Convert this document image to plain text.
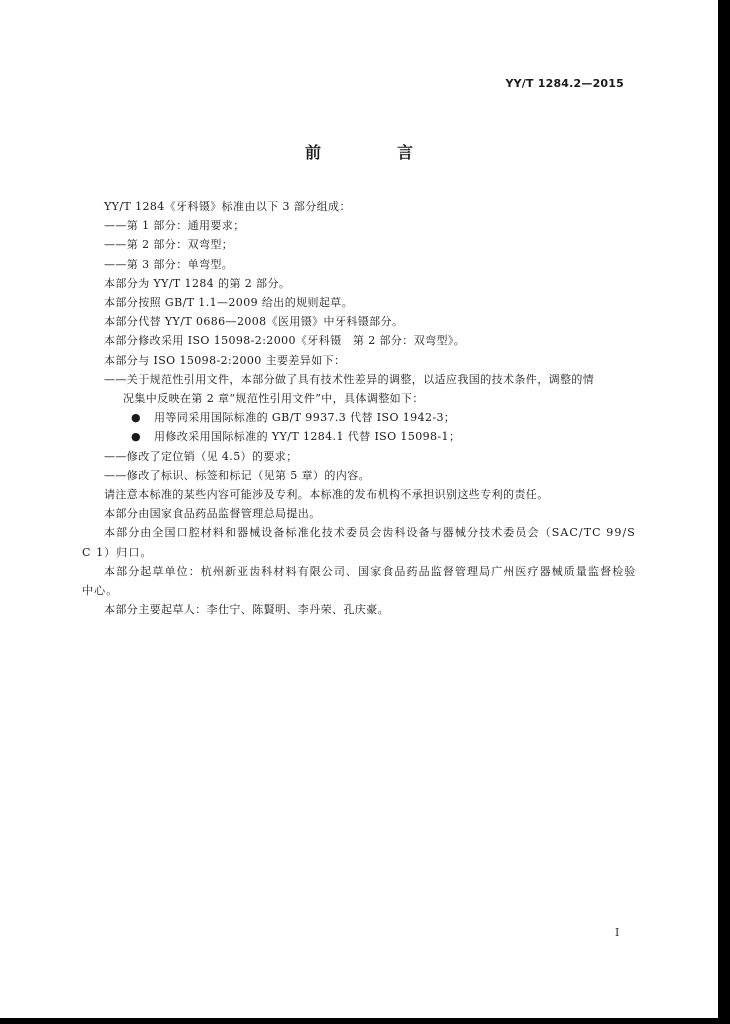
YY/T 1284.2—2015
前　言

YY/T 1284《牙科镊》标准由以下 3 部分组成：

——第 1 部分：通用要求；

——第 2 部分：双弯型；

——第 3 部分：单弯型。

本部分为 YY/T 1284 的第 2 部分。

本部分按照 GB/T 1.1—2009 给出的规则起草。

本部分代替 YY/T 0686—2008《医用镊》中牙科镊部分。

本部分修改采用 ISO 15098-2:2000《牙科镊　第 2 部分：双弯型》。

本部分与 ISO 15098-2:2000 主要差异如下：

——关于规范性引用文件，本部分做了具有技术性差异的调整，以适应我国的技术条件，调整的情

况集中反映在第 2 章“规范性引用文件”中，具体调整如下：

● 用等同采用国际标准的 GB/T 9937.3 代替 ISO 1942-3；

● 用修改采用国际标准的 YY/T 1284.1 代替 ISO 15098-1；

——修改了定位销（见 4.5）的要求；

——修改了标识、标签和标记（见第 5 章）的内容。

请注意本标准的某些内容可能涉及专利。本标准的发布机构不承担识别这些专利的责任。

本部分由国家食品药品监督管理总局提出。

本部分由全国口腔材料和器械设备标准化技术委员会齿科设备与器械分技术委员会（SAC/TC 99/SC 1）归口。

本部分起草单位：杭州新亚齿科材料有限公司、国家食品药品监督管理局广州医疗器械质量监督检验中心。

本部分主要起草人：李仕宁、陈賢明、李丹荣、孔庆豪。

I
